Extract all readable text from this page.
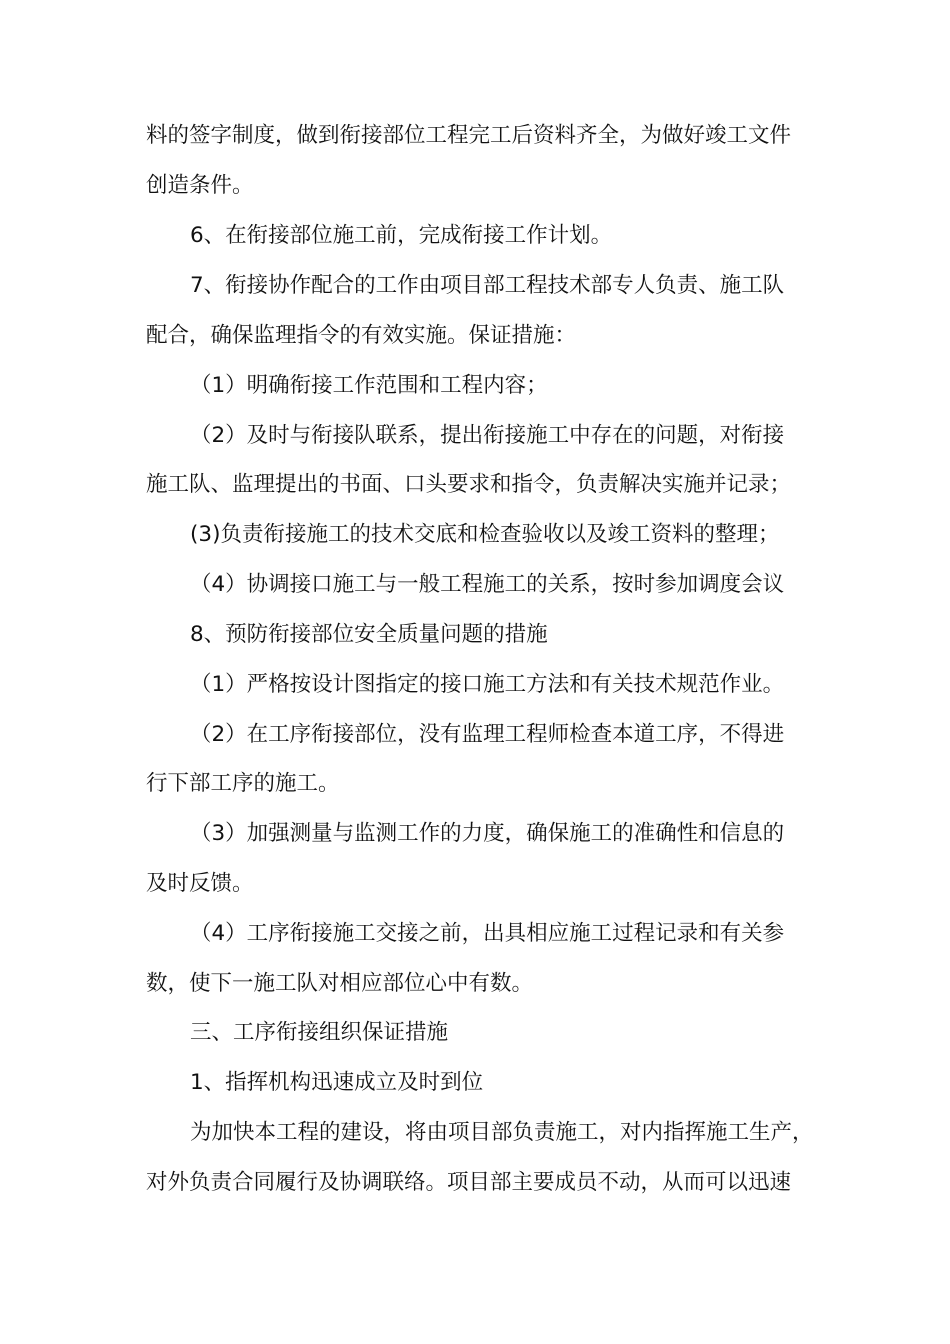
料的签字制度，做到衔接部位工程完工后资料齐全，为做好竣工文件

创造条件。

6、在衔接部位施工前，完成衔接工作计划。

7、衔接协作配合的工作由项目部工程技术部专人负责、施工队

配合，确保监理指令的有效实施。保证措施：

（1）明确衔接工作范围和工程内容；

（2）及时与衔接队联系，提出衔接施工中存在的问题，对衔接

施工队、监理提出的书面、口头要求和指令，负责解决实施并记录；

(3)负责衔接施工的技术交底和检查验收以及竣工资料的整理；

（4）协调接口施工与一般工程施工的关系，按时参加调度会议

8、预防衔接部位安全质量问题的措施

（1）严格按设计图指定的接口施工方法和有关技术规范作业。

（2）在工序衔接部位，没有监理工程师检查本道工序，不得进

行下部工序的施工。

（3）加强测量与监测工作的力度，确保施工的准确性和信息的

及时反馈。

（4）工序衔接施工交接之前，出具相应施工过程记录和有关参

数，使下一施工队对相应部位心中有数。

三、工序衔接组织保证措施

1、指挥机构迅速成立及时到位

为加快本工程的建设，将由项目部负责施工，对内指挥施工生产，

对外负责合同履行及协调联络。项目部主要成员不动，从而可以迅速
